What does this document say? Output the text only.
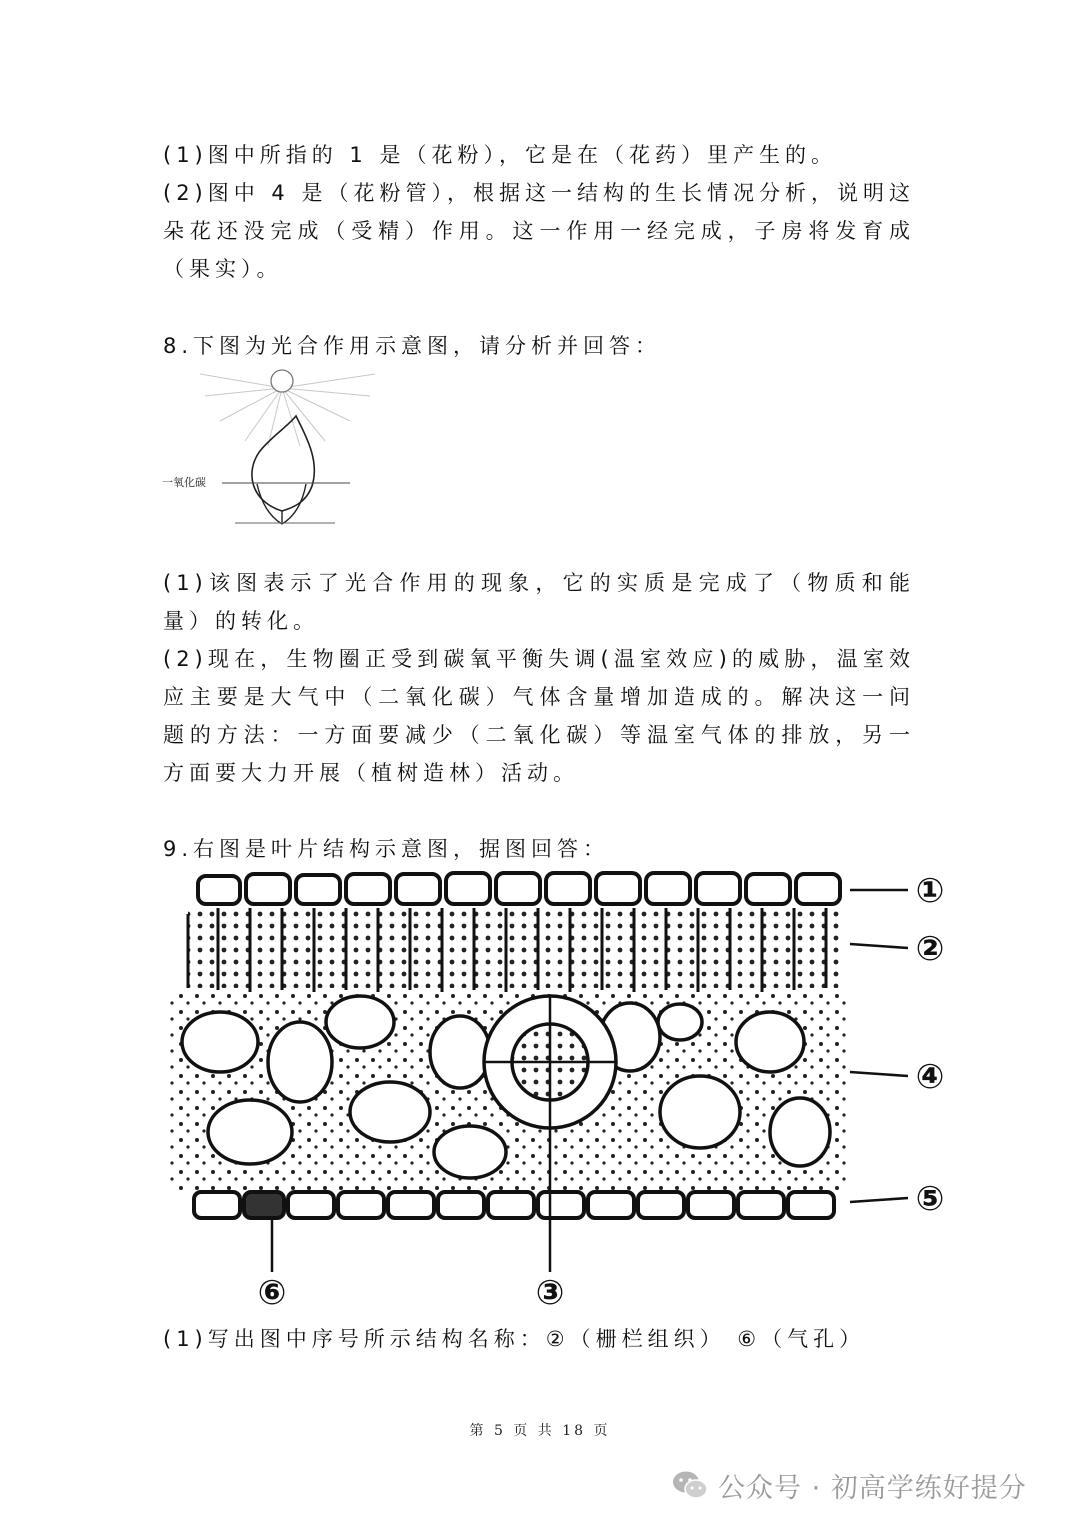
(1)图中所指的 1 是（花粉），它是在（花药）里产生的。

(2)图中 4 是（花粉管），根据这一结构的生长情况分析，说明这朵花还没完成（受精）作用。这一作用一经完成，子房将发育成（果实）。

8.下图为光合作用示意图，请分析并回答：

一氧化碳

(1)该图表示了光合作用的现象，它的实质是完成了（物质和能量）的转化。

(2)现在，生物圈正受到碳氧平衡失调(温室效应)的威胁，温室效应主要是大气中（二氧化碳）气体含量增加造成的。解决这一问题的方法：一方面要减少（二氧化碳）等温室气体的排放，另一方面要大力开展（植树造林）活动。

9.右图是叶片结构示意图，据图回答：

①
②
④
⑤
⑥	③

(1)写出图中序号所示结构名称：②（栅栏组织） ⑥（气孔）

第 5 页 共 18 页
公众号 · 初高学练好提分
